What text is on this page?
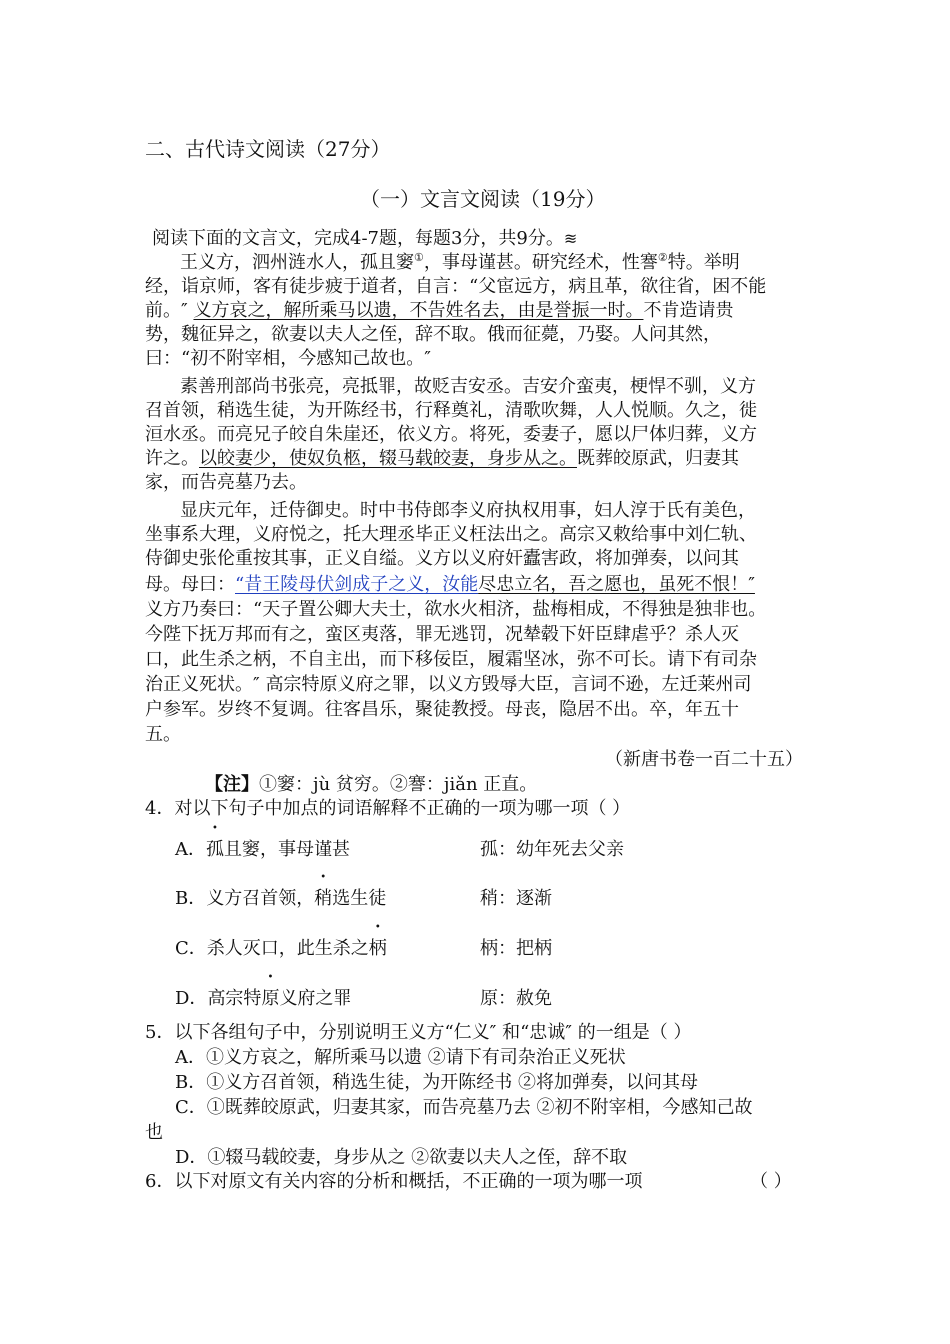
二、古代诗文阅读（27分）
（一）文言文阅读（19分）
阅读下面的文言文，完成4-7题，每题3分，共9分。≋
王义方，泗州涟水人，孤且窭①，事母谨甚。研究经术，性謇②特。举明
经，诣京师，客有徒步疲于道者，自言：“父宦远方，病且革，欲往省，困不能
前。″ 义方哀之，解所乘马以遗，不告姓名去，由是誉振一时。不肯造请贵
势，魏征异之，欲妻以夫人之侄，辞不取。俄而征薨，乃娶。人问其然，
曰：“初不附宰相，今感知己故也。″
素善刑部尚书张亮，亮抵罪，故贬吉安丞。吉安介蛮夷，梗悍不驯，义方
召首领，稍选生徒，为开陈经书，行释奠礼，清歌吹舞，人人悦顺。久之，徙
洹水丞。而亮兄子皎自朱崖还，依义方。将死，委妻子，愿以尸体归葬，义方
许之。以皎妻少，使奴负柩，辍马载皎妻，身步从之。既葬皎原武，归妻其
家，而告亮墓乃去。
显庆元年，迁侍御史。时中书侍郎李义府执权用事，妇人淳于氏有美色，
坐事系大理，义府悦之，托大理丞毕正义枉法出之。高宗又敕给事中刘仁轨、
侍御史张伦重按其事，正义自缢。义方以义府奸蠹害政，将加弹奏，以问其
母。母曰：“昔王陵母伏剑成子之义，汝能尽忠立名，吾之愿也，虽死不恨！″
义方乃奏曰：“天子置公卿大夫士，欲水火相济，盐梅相成，不得独是独非也。
今陛下抚万邦而有之，蛮区夷落，罪无逃罚，况辇毂下奸臣肆虐乎？杀人灭
口，此生杀之柄，不自主出，而下移佞臣，履霜坚冰，弥不可长。请下有司杂
治正义死状。″ 高宗特原义府之罪，以义方毁辱大臣，言词不逊，左迁莱州司
户参军。岁终不复调。往客昌乐，聚徒教授。母丧，隐居不出。卒，年五十
五。
（新唐书卷一百二十五）
【注】①窭：jù 贫穷。②謇：jiǎn 正直。
4．对以下句子中加点的词语解释不正确的一项为哪一项（ ）
A．孤且窭，事母谨甚	孤：幼年死去父亲
B．义方召首领，稍选生徒	稍：逐渐
C．杀人灭口，此生杀之柄	柄：把柄
D．高宗特原义府之罪	原：赦免
5．以下各组句子中，分别说明王义方“仁义″ 和“忠诚″ 的一组是（ ）
A．①义方哀之，解所乘马以遗 ②请下有司杂治正义死状
B．①义方召首领，稍选生徒，为开陈经书 ②将加弹奏，以问其母
C．①既葬皎原武，归妻其家，而告亮墓乃去 ②初不附宰相，今感知己故
也
D．①辍马载皎妻，身步从之 ②欲妻以夫人之侄，辞不取
6．以下对原文有关内容的分析和概括，不正确的一项为哪一项	（ ）
